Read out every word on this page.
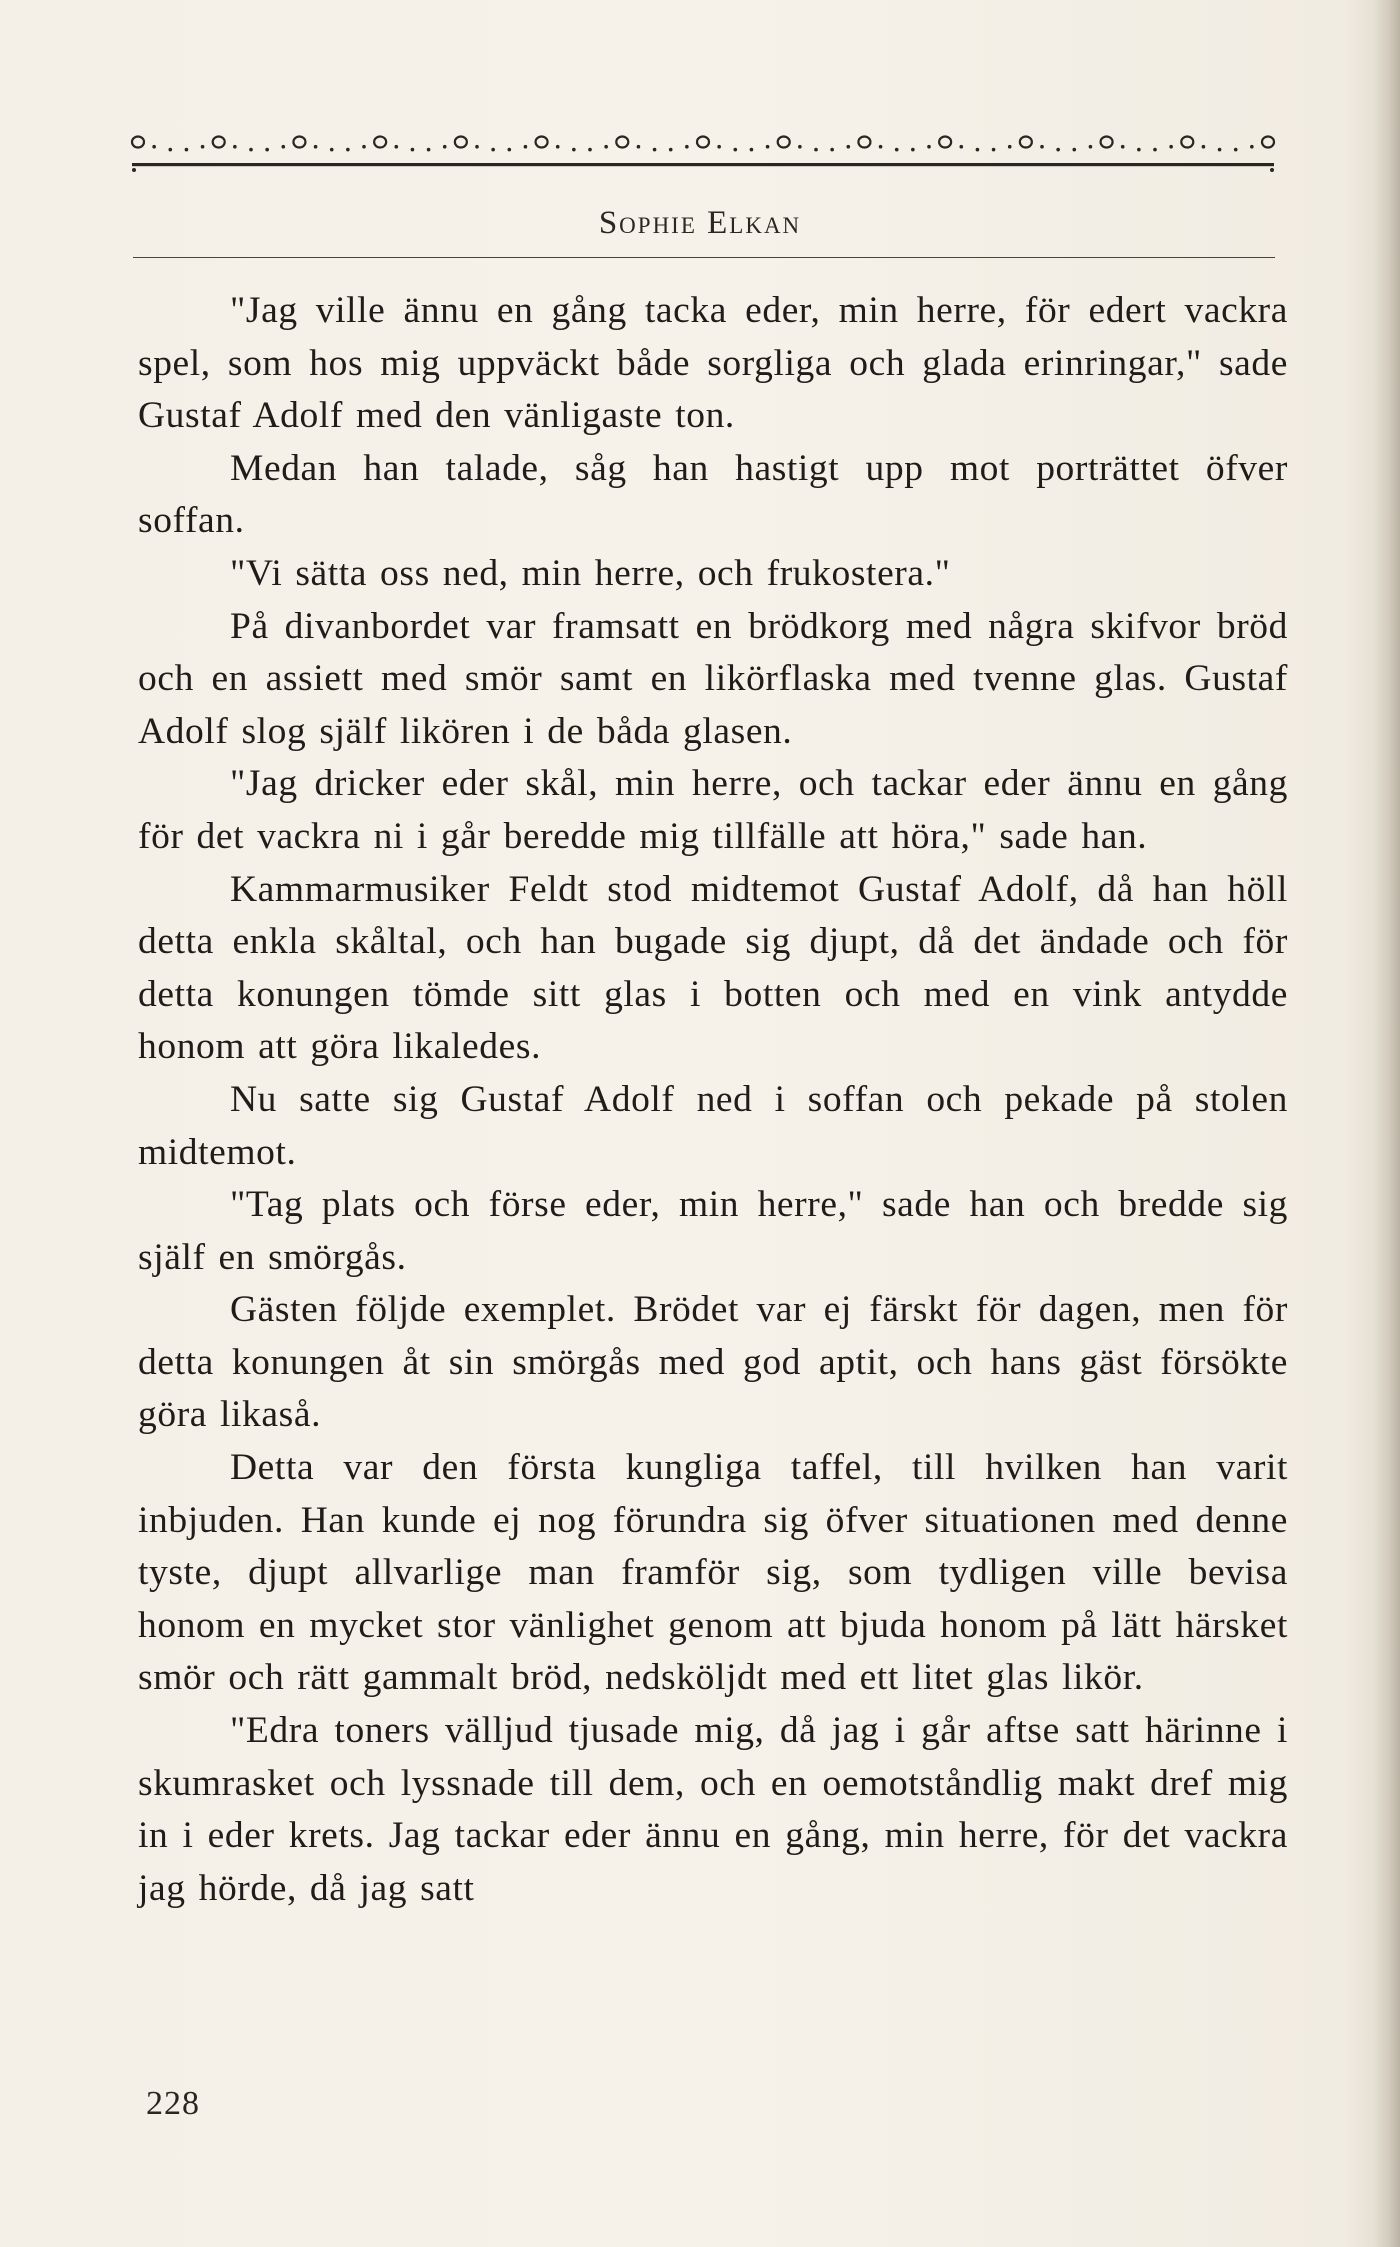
Sophie Elkan

"Jag ville ännu en gång tacka eder, min herre, för edert vackra spel, som hos mig uppväckt både sorgliga och glada erinringar," sade Gustaf Adolf med den vänligaste ton.

Medan han talade, såg han hastigt upp mot porträttet öfver soffan.

"Vi sätta oss ned, min herre, och frukostera."

På divanbordet var framsatt en brödkorg med några skifvor bröd och en assiett med smör samt en likörflaska med tvenne glas. Gustaf Adolf slog själf likören i de båda glasen.

"Jag dricker eder skål, min herre, och tackar eder ännu en gång för det vackra ni i går beredde mig tillfälle att höra," sade han.

Kammarmusiker Feldt stod midtemot Gustaf Adolf, då han höll detta enkla skåltal, och han bugade sig djupt, då det ändade och för detta konungen tömde sitt glas i botten och med en vink antydde honom att göra likaledes.

Nu satte sig Gustaf Adolf ned i soffan och pekade på stolen midtemot.

"Tag plats och förse eder, min herre," sade han och bredde sig själf en smörgås.

Gästen följde exemplet. Brödet var ej färskt för dagen, men för detta konungen åt sin smörgås med god aptit, och hans gäst försökte göra likaså.

Detta var den första kungliga taffel, till hvilken han varit inbjuden. Han kunde ej nog förundra sig öfver situationen med denne tyste, djupt allvarlige man framför sig, som tydligen ville bevisa honom en mycket stor vänlighet genom att bjuda honom på lätt härsket smör och rätt gammalt bröd, nedsköljdt med ett litet glas likör.

"Edra toners välljud tjusade mig, då jag i går aftse satt härinne i skumrasket och lyssnade till dem, och en oemotståndlig makt dref mig in i eder krets. Jag tackar eder ännu en gång, min herre, för det vackra jag hörde, då jag satt

228
